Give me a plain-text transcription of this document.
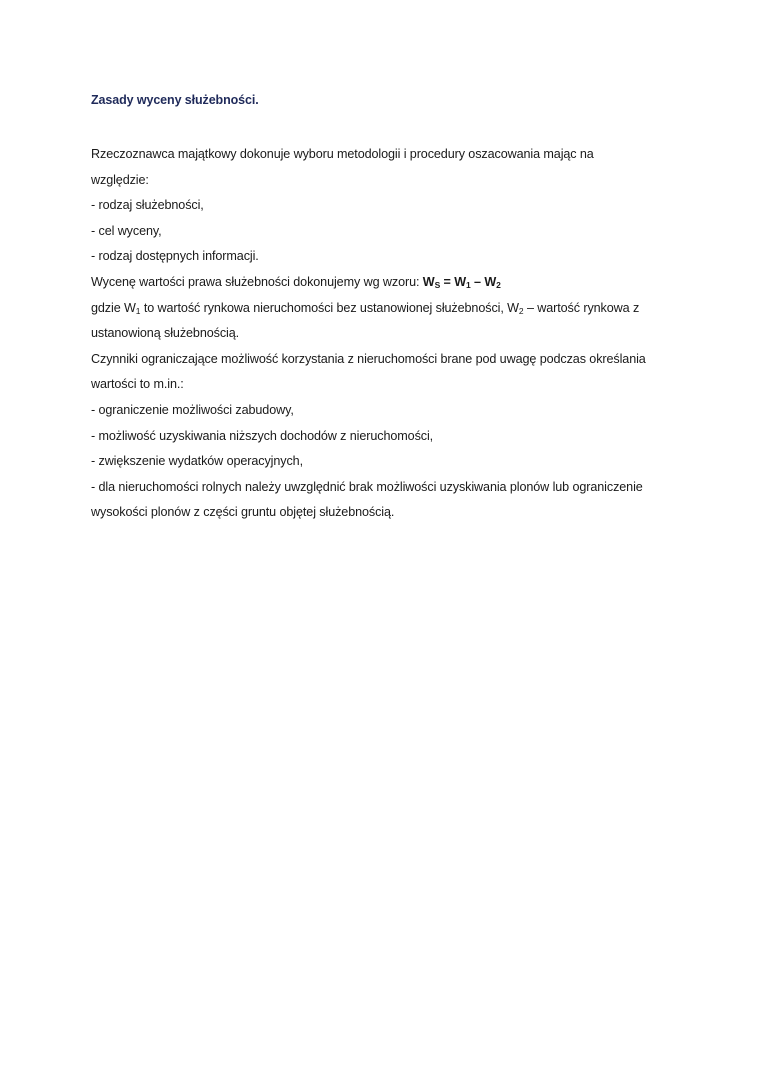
Zasady wyceny służebności.
Rzeczoznawca majątkowy dokonuje wyboru metodologii i procedury oszacowania mając na
względzie:
- rodzaj służebności,
- cel wyceny,
- rodzaj dostępnych informacji.
Wycenę wartości prawa służebności dokonujemy wg wzoru: $W_S = W_1 - W_2$
gdzie $W_1$ to wartość rynkowa nieruchomości bez ustanowionej służebności, $W_2$ – wartość rynkowa z
ustanowioną służebnością.
Czynniki ograniczające możliwość korzystania z nieruchomości brane pod uwagę podczas określania
wartości to m.in.:
- ograniczenie możliwości zabudowy,
- możliwość uzyskiwania niższych dochodów z nieruchomości,
- zwiększenie wydatków operacyjnych,
- dla nieruchomości rolnych należy uwzględnić brak możliwości uzyskiwania plonów lub ograniczenie
wysokości plonów z części gruntu objętej służebnością.
